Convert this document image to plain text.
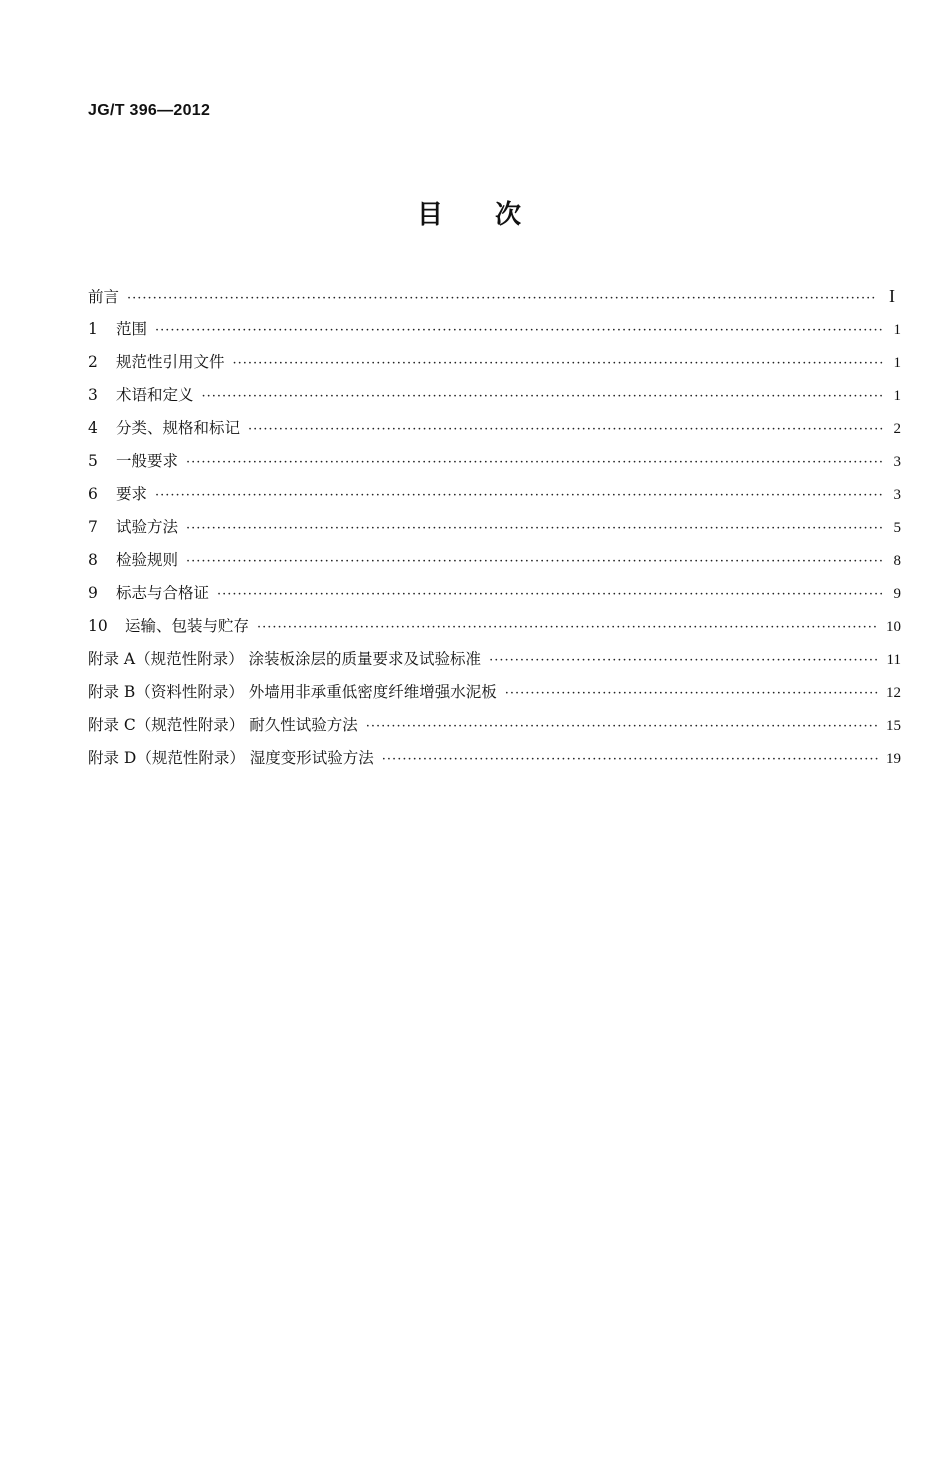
JG/T 396—2012
目次
前言 ·····	I
1	范围 ·····	1
2	规范性引用文件 ·····	1
3	术语和定义 ·····	1
4	分类、规格和标记 ·····	2
5	一般要求 ·····	3
6	要求 ·····	3
7	试验方法 ·····	5
8	检验规则 ·····	8
9	标志与合格证 ·····	9
10	运输、包装与贮存 ·····	10
附录 A（规范性附录） 涂装板涂层的质量要求及试验标准 ·····	11
附录 B（资料性附录） 外墙用非承重低密度纤维增强水泥板 ·····	12
附录 C（规范性附录） 耐久性试验方法 ·····	15
附录 D（规范性附录） 湿度变形试验方法 ·····	19
